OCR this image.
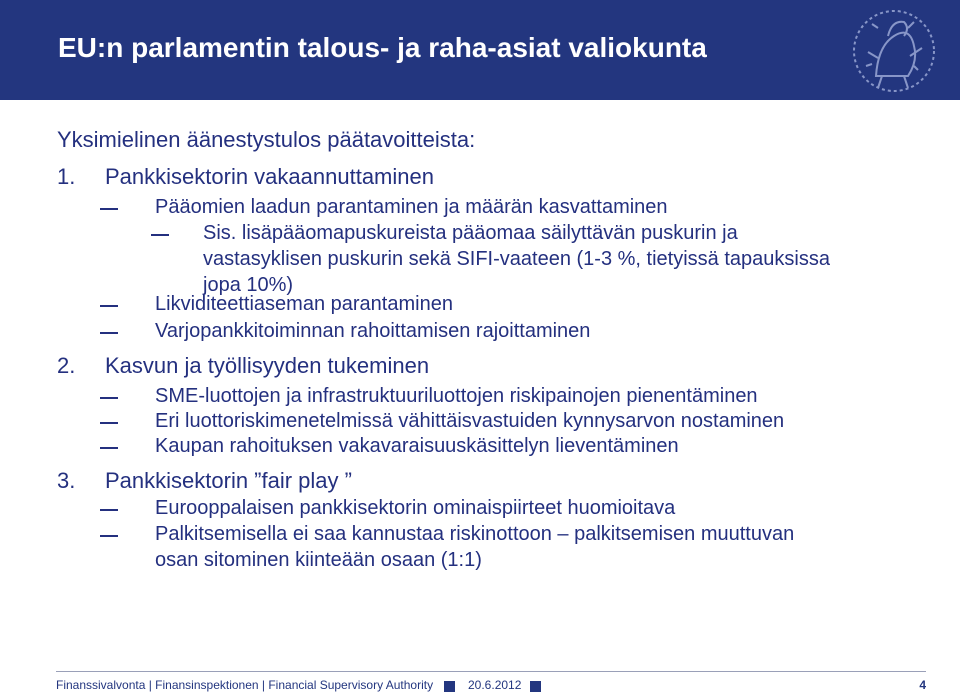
EU:n parlamentin talous- ja raha-asiat valiokunta
Yksimielinen äänestystulos päätavoitteista:
1. Pankkisektorin vakaannuttaminen
Pääomien laadun parantaminen ja määrän kasvattaminen
Sis. lisäpääomapuskureista pääomaa säilyttävän puskurin ja
vastasyklisen puskurin sekä SIFI-vaateen (1-3 %, tietyissä tapauksissa
jopa 10%)
Likviditeettiaseman parantaminen
Varjopankkitoiminnan rahoittamisen rajoittaminen
2. Kasvun ja työllisyyden tukeminen
SME-luottojen ja infrastruktuuriluottojen riskipainojen pienentäminen
Eri luottoriskimenetelmissä vähittäisvastuiden kynnysarvon nostaminen
Kaupan rahoituksen vakavaraisuuskäsittelyn lieventäminen
3. Pankkisektorin ”fair play ”
Eurooppalaisen pankkisektorin ominaispiirteet huomioitava
Palkitsemisella ei saa kannustaa riskinottoon – palkitsemisen muuttuvan
osan sitominen kiinteään osaan (1:1)
Finanssivalvonta | Finansinspektionen | Financial Supervisory Authority	20.6.2012	4
